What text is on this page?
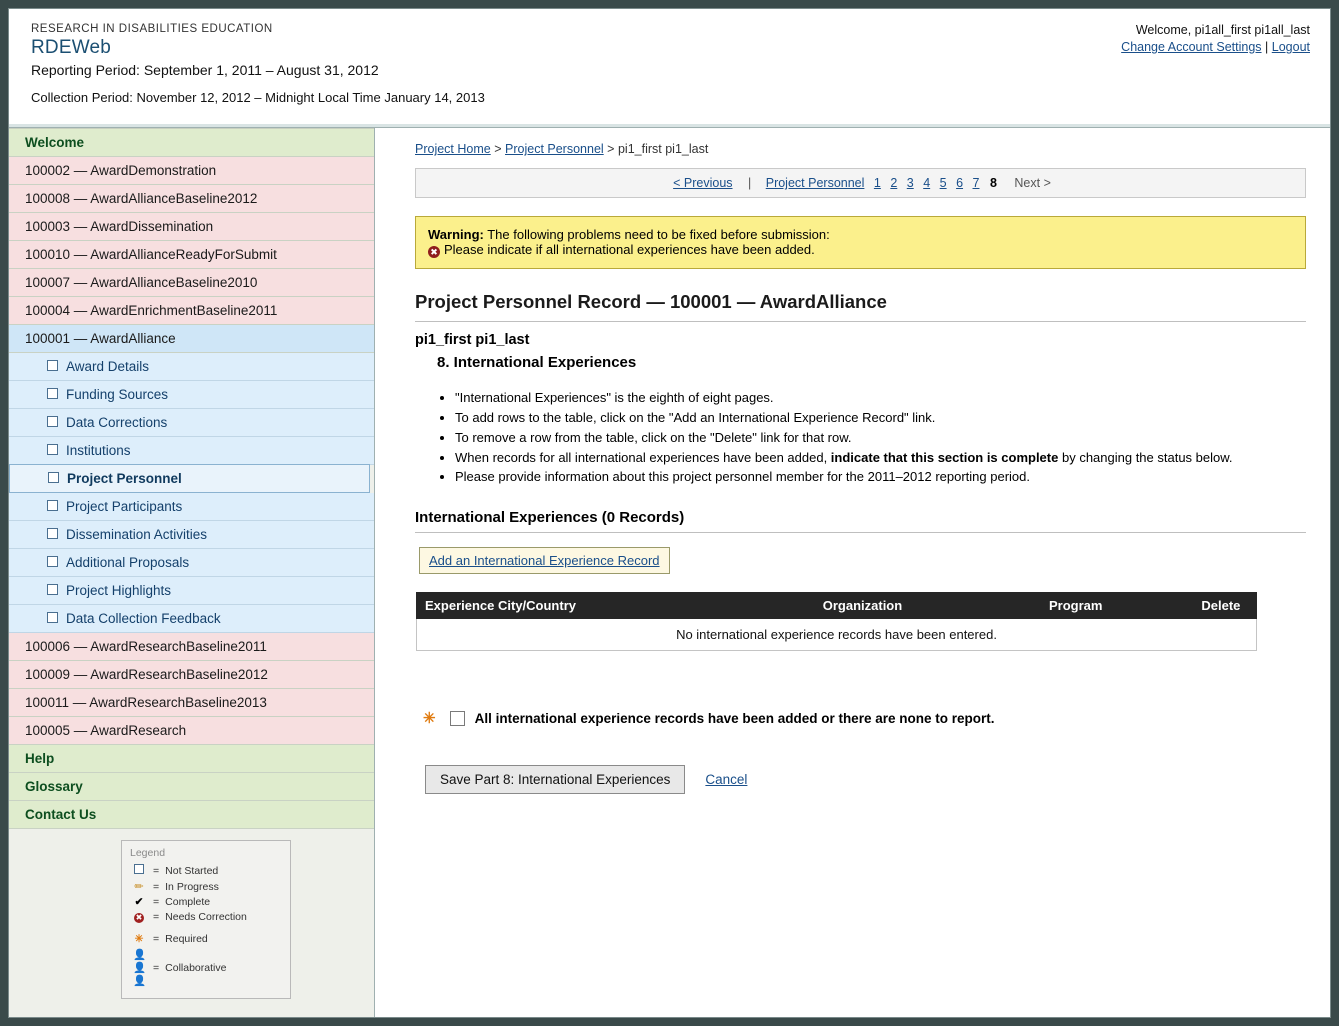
RESEARCH IN DISABILITIES EDUCATION
RDEWeb
Reporting Period: September 1, 2011 – August 31, 2012
Collection Period: November 12, 2012 – Midnight Local Time January 14, 2013
Welcome, pi1all_first pi1all_last
Change Account Settings | Logout
Welcome
100002 — AwardDemonstration
100008 — AwardAllianceBaseline2012
100003 — AwardDissemination
100010 — AwardAllianceReadyForSubmit
100007 — AwardAllianceBaseline2010
100004 — AwardEnrichmentBaseline2011
100001 — AwardAlliance
Award Details
Funding Sources
Data Corrections
Institutions
Project Personnel
Project Participants
Dissemination Activities
Additional Proposals
Project Highlights
Data Collection Feedback
100006 — AwardResearchBaseline2011
100009 — AwardResearchBaseline2012
100011 — AwardResearchBaseline2013
100005 — AwardResearch
Help
Glossary
Contact Us
Legend
= Not Started
✏ = In Progress
✔ = Complete
✖	= Needs Correction
✳ = Required
👤👤👤
= Collaborative
Project Home > Project Personnel > pi1_first pi1_last
< Previous | Project Personnel 1 2 3 4 5 6 7 8 Next >
Warning: The following problems need to be fixed before submission:
✖ Please indicate if all international experiences have been added.
Project Personnel Record — 100001 — AwardAlliance
pi1_first pi1_last
8. International Experiences
• "International Experiences" is the eighth of eight pages.
• To add rows to the table, click on the "Add an International Experience Record" link.
• To remove a row from the table, click on the "Delete" link for that row.
• When records for all international experiences have been added, indicate that this section is complete by changing the status below.
• Please provide information about this project personnel member for the 2011–2012 reporting period.
International Experiences (0 Records)
Add an International Experience Record
Experience City/Country	Organization	Program	Delete
No international experience records have been entered.
✳	All international experience records have been added or there are none to report.
Save Part 8: International Experiences	Cancel
